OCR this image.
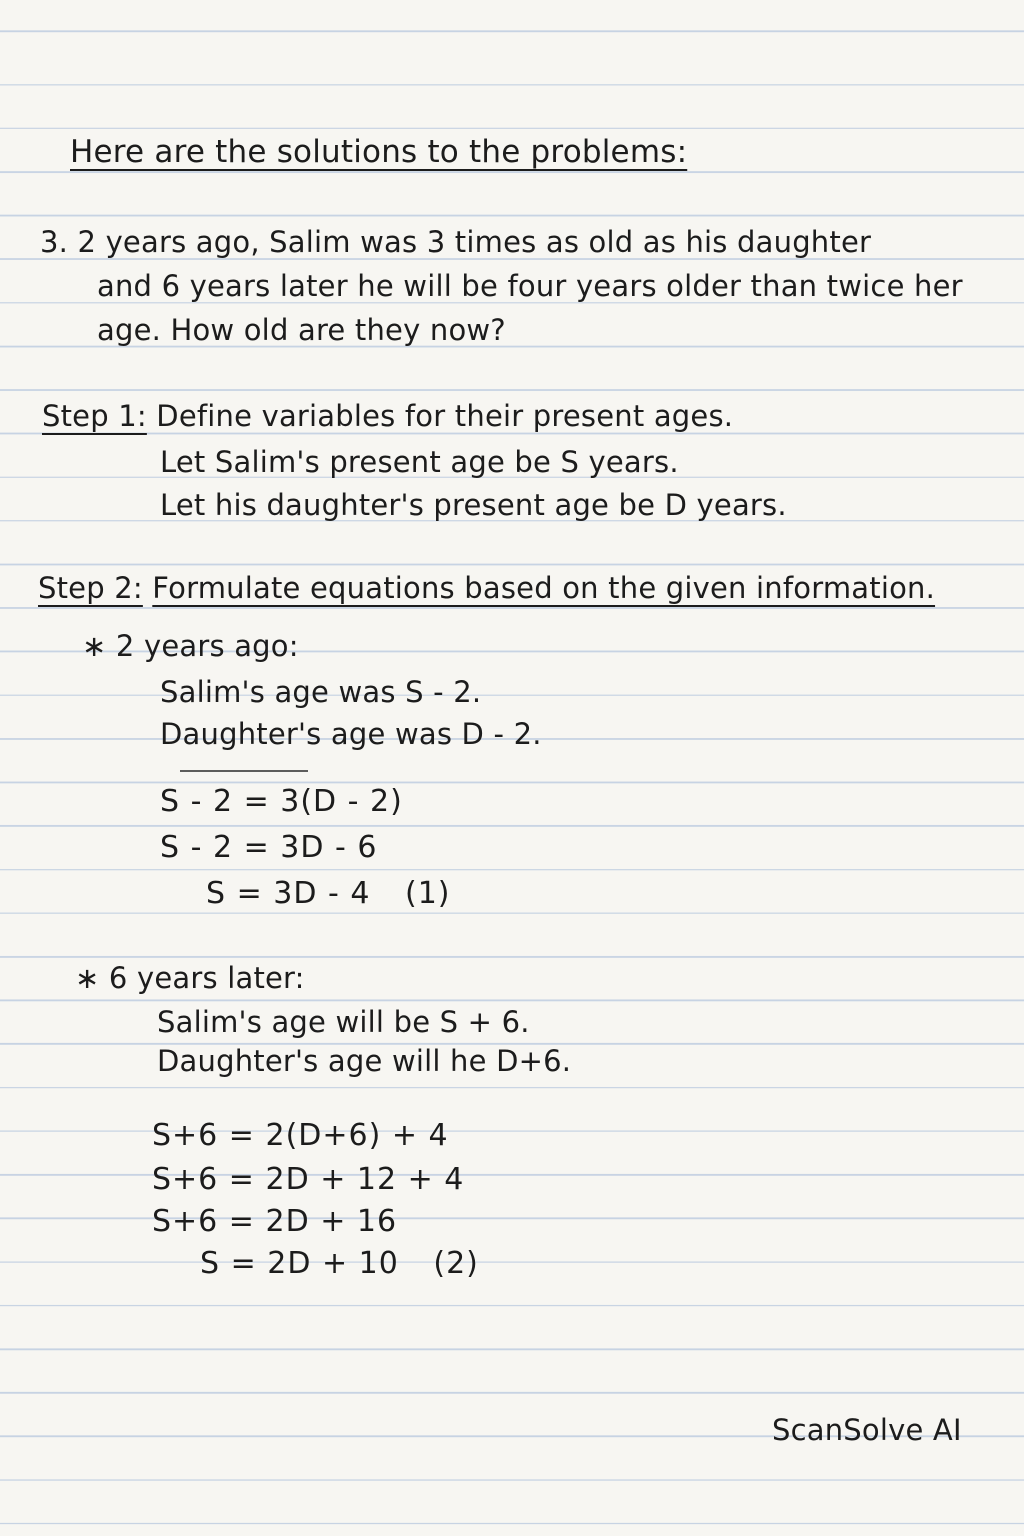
Here are the solutions to the problems:
3. 2 years ago, Salim was 3 times as old as his daughter
and 6 years later he will be four years older than twice her
age. How old are they now?
Step 1: Define variables for their present ages.
Let Salim's present age be S years.
Let his daughter's present age be D years.
Step 2: Formulate equations based on the given information.
∗ 2 years ago:
Salim's age was S - 2.
Daughter's age was D - 2.
S - 2 = 3(D - 2)
S - 2 = 3D - 6
S = 3D - 4 (1)
∗ 6 years later:
Salim's age will be S + 6.
Daughter's age will he D+6.
S+6 = 2(D+6) + 4
S+6 = 2D + 12 + 4
S+6 = 2D + 16
S = 2D + 10 (2)
ScanSolve AI
